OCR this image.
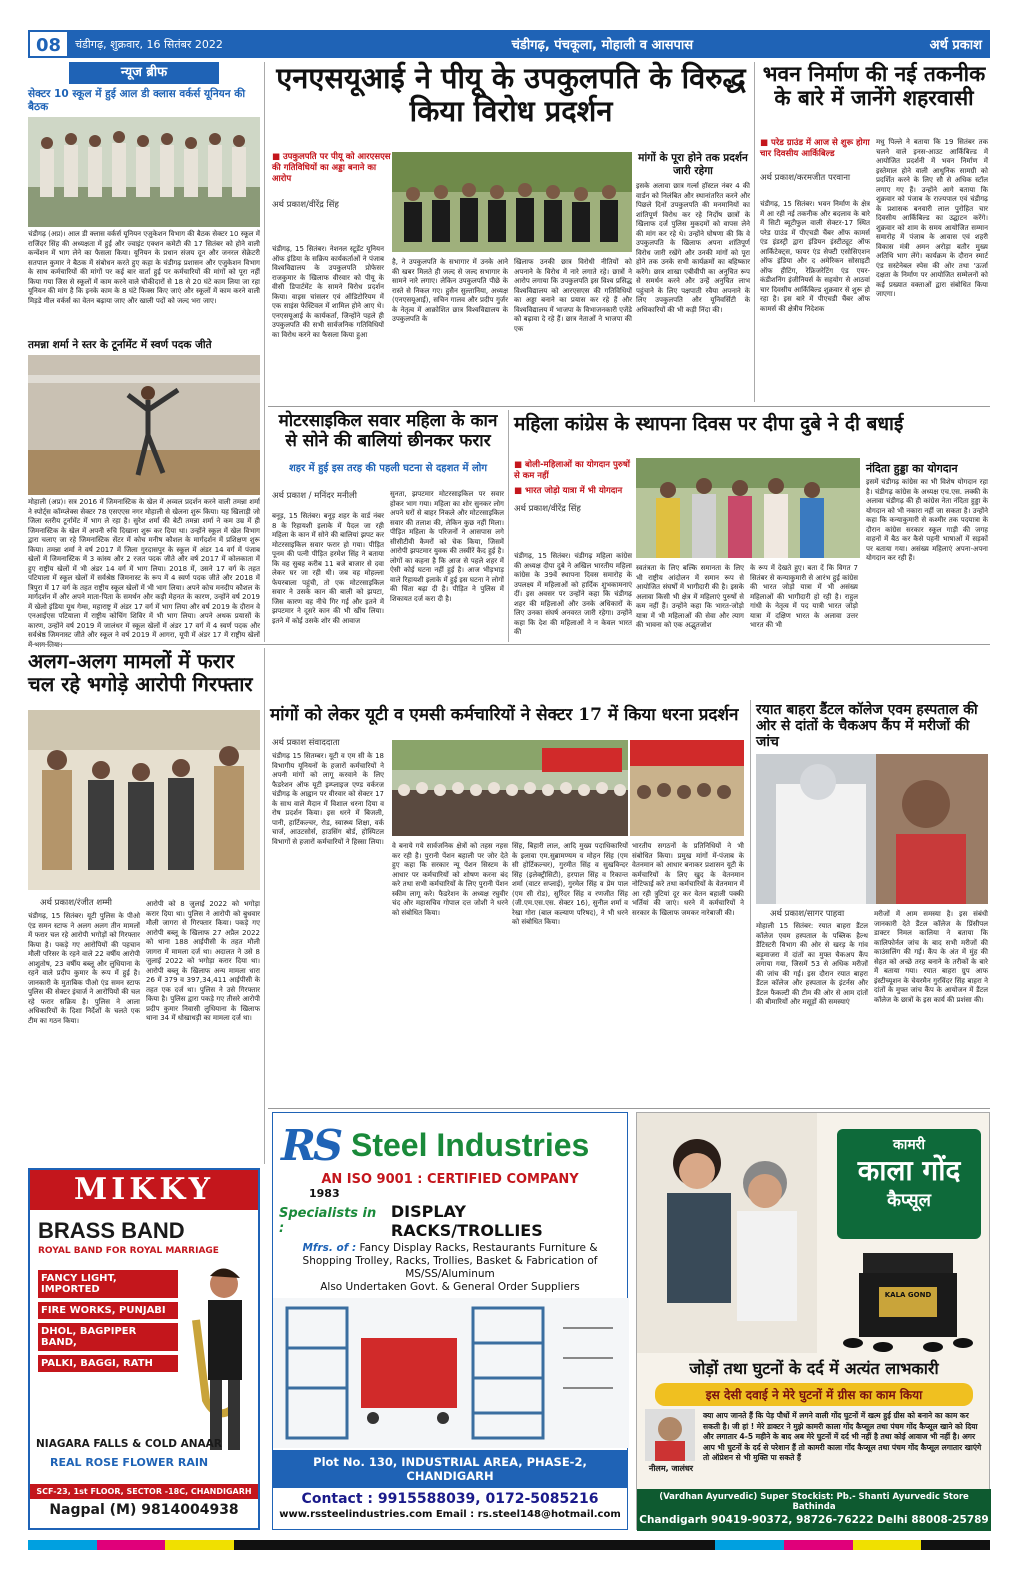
08	चंडीगढ़, शुक्रवार, 16 सितंबर 2022	चंडीगढ़, पंचकूला, मोहाली व आसपास	अर्थ प्रकाश
न्यूज ब्रीफ
सेक्टर 10 स्कूल में हुई आल डी क्लास वर्कर्स यूनियन की बैठक
चंडीगढ़ (अप्र)। आल डी क्लास वर्कर्स यूनियन एजुकेशन विभाग की बैठक सेक्टर 10 स्कूल में राजिंदर सिंह की अध्यक्षता में हुई और ज्वाइंट एक्शन कमेटी की 17 सितंबर को होने वाली कन्वेंशन में भाग लेने का फैसला किया। यूनियन के प्रधान संजय दून और जनरल सेक्रेटरी सतपाल कुमार ने बैठक में संबोधन करते हुए कहा के चंडीगढ़ प्रशासन और एजुकेशन विभाग के साथ कर्मचारियों की मांगों पर कई बार वार्ता हुई पर कर्मचारियों की मांगों को पूरा नहीं किया गया जिस से स्कूलों में काम करने वाले चौकीदारों से 18 से 20 घंटे काम लिया जा रहा यूनियन की मांग है कि इनके काम के 8 घंटे फिक्स किए जाएं और स्कूलों में काम करने वाली मिड़डे मील वर्कर्स का वेतन बढ़ाया जाए और खाली पदों को जल्द भरा जाए।
तमन्ना शर्मा ने स्तर के टूर्नामेंट में स्वर्ण पदक जीते
मोहाली (अप्र)। सत्र 2016 में जिमनास्टिक के खेल में अव्वल प्रदर्शन करने वाली तमन्ना शर्मा ने स्पोर्ट्स कॉम्प्लेक्स सेक्टर 78 एसएएस नगर मोहाली से खेलना शुरू किया। यह खिलाड़ी जो जिला स्तरीय टूर्नामेंट में भाग ले रहा है। सुरेश शर्मा की बेटी तमन्ना शर्मा ने कम उम्र में ही जिमनास्टिक के खेल में अपनी रुचि दिखाना शुरू कर दिया था। उन्होंने स्कूल में खेल विभाग द्वारा चलाए जा रहे जिमनास्टिक सेंटर में कोच मनीष कौशल के मार्गदर्शन में प्रशिक्षण शुरू किया। तमन्ना शर्मा ने वर्ष 2017 में जिला गुरदासपुर के स्कूल में अंडर 14 वर्ग में पंजाब खेलों में जिमनास्टिक में 3 कांस्य और 2 रजत पदक जीते और वर्ष 2017 में कोलकाता में हुए राष्ट्रीय खेलों में भी अंडर 14 वर्ग में भाग लिया। 2018 में, उसने 17 वर्ग के तहत पटियाला में स्कूल खेलों में सर्वश्रेष्ठ जिमनास्ट के रूप में 4 स्वर्ण पदक जीते और 2018 में त्रिपुरा में 17 वर्ग के तहत राष्ट्रीय स्कूल खेलों में भी भाग लिया। अपने कोच मनदीप कौशल के मार्गदर्शन में और अपने माता-पिता के समर्थन और कड़ी मेहनत के कारण, उन्होंने वर्ष 2019 में खेलो इंडिया यूथ गेम्स, महाराष्ट्र में अंडर 17 वर्ग में भाग लिया और वर्ष 2019 के दौरान वे एनआईएस पटियाला में राष्ट्रीय कोचिंग शिविर में भी भाग लिया। अपने अथक प्रयासों के कारण, उन्होंने वर्ष 2019 में जालंधर में स्कूल खेलों में अंडर 17 वर्ग में 4 स्वर्ण पदक और सर्वश्रेष्ठ जिमनास्ट जीते और स्कूल ने वर्ष 2019 में आगरा, यूपी में अंडर 17 में राष्ट्रीय खेलों में भाग लिया।
एनएसयूआई ने पीयू के उपकुलपति के विरुद्ध किया विरोध प्रदर्शन
■ उपकुलपति पर पीयू को आरएसएस की गतिविधियों का अड्डा बनाने का आरोप
अर्थ प्रकाश/वीरेंद्र सिंह
चंडीगढ़, 15 सितंबर। नेशनल स्टूडेंट यूनियन ऑफ इंडिया के सक्रिय कार्यकर्ताओं ने पंजाब विश्वविद्यालय के उपकुलपति प्रोफेसर राजकुमार के खिलाफ वीरवार को पीयू के वीसी डिपार्टमेंट के सामने विरोध प्रदर्शन किया। वाइस चांसलर एवं ऑडिटोरियम में एक साइंस फेस्टिवल में शामिल होने आए थे। एनएसयूआई के कार्यकर्ता, जिन्होंने पहले ही उपकुलपति की सभी सार्वजनिक गतिविधियों का विरोध करने का फैसला किया हुआ
है, ने उपकुलपति के सभागार में उनके आने की खबर मिलते ही जल्द से जल्द सभागार के सामने नारे लगाए। लेकिन उपकुलपति पीछे के रास्ते से निकल गए। हुसैन सुल्तानिया, अध्यक्ष (एनएसयूआई), सचिन गालव और प्रदीप गुर्जर के नेतृत्व में आक्रोशित छात्र विश्वविद्यालय के उपकुलपति के
खिलाफ उनकी छात्र विरोधी नीतियों को अपनाने के विरोध में नारे लगाते रहे। छात्रों ने आरोप लगाया कि उपकुलपति इस विश्व प्रसिद्ध विश्वविद्यालय को आरएसएस की गतिविधियों का अड्डा बनाने का प्रयास कर रहे हैं और विश्वविद्यालय में भाजपा के विभाजनकारी एजेंडे को बढ़ावा दे रहे हैं। छात्र नेताओं ने भाजपा की एक
मांगों के पूरा होने तक प्रदर्शन जारी रहेगा
इसके अलावा छात्र गर्ल्स हॉस्टल नंबर 4 की वार्डन को निलंबित और स्थानांतरित करने और पिछले दिनों उपकुलपति की मनमानियों का शांतिपूर्ण विरोध कर रहे निर्दोष छात्रों के खिलाफ दर्ज पुलिस मुकदमों को वापस लेने की मांग कर रहे थे। उन्होंने घोषणा की कि वे उपकुलपति के खिलाफ अपना शांतिपूर्ण विरोध जारी रखेंगे और उनकी मांगों को पूरा होने तक उनके सभी कार्यक्रमों का बहिष्कार करेंगे। छात्र शाखा एबीवीपी का अनुचित रूप से समर्थन करने और उन्हें अनुचित लाभ पहुंचाने के लिए पक्षपाती रवैया अपनाने के लिए उपकुलपति और यूनिवर्सिटी के अधिकारियों की भी कड़ी निंदा की।
भवन निर्माण की नई तकनीक के बारे में जानेंगे शहरवासी
■ परेड ग्राउंड में आज से शुरू होगा चार दिवसीय आर्किबिल्ड
अर्थ प्रकाश/करमजीत परवाना
चंडीगढ़, 15 सितंबर। भवन निर्माण के क्षेत्र में आ रही नई तकनीक और बदलाव के बारे में सिटी ब्यूटीफुल वाली सेक्टर-17 स्थित परेड ग्राउंड में पीएचडी चैंबर ऑफ कामर्स एंड इंडस्ट्री द्वारा इंडियन इंस्टीट्यूट ऑफ आर्किटेक्ट्स, फायर एंड सेफ्टी एसोसिएशन ऑफ इंडिया और द अमेरिकन सोसाइटी ऑफ हीटिंग, रेफ्रिजरेटिंग एंड एयर-कंडीशनिंग इंजीनियर्स के सहयोग से आठवां चार दिवसीय आर्किबिल्ड शुक्रवार से शुरू हो रहा है। इस बारे में पीएचडी चैंबर ऑफ कामर्स की क्षेत्रीय निदेशक
मधु पिल्ले ने बताया कि 19 सितंबर तक चलने वाले इनस-आउट आर्किबिल्ड में आयोजित प्रदर्शनी में भवन निर्माण में इस्तेमाल होने वाली आधुनिक सामग्री को प्रदर्शित करने के लिए सौ से अधिक स्टॉल लगाए गए हैं। उन्होंने आगे बताया कि शुक्रवार को पंजाब के राज्यपाल एवं चंडीगढ़ के प्रशासक बनवारी लाल पुरोहित चार दिवसीय आर्किबिल्ड का उद्घाटन करेंगे। शुक्रवार को शाम के समय आयोजित सम्मान समारोह में पंजाब के आवास एवं शहरी विकास मंत्री अमन अरोड़ा बतौर मुख्य अतिथि भाग लेंगे। कार्यक्रम के दौरान स्मार्ट एंड सस्टेनेबल स्पेस की ओर तथा 'ऊर्जा दक्षता के निर्माण पर आयोजित सम्मेलनों को कई प्रख्यात वक्ताओं द्वारा संबोधित किया जाएगा।
मोटरसाइकिल सवार महिला के कान से सोने की बालियां छीनकर फरार
शहर में हुई इस तरह की पहली घटना से दहशत में लोग
अर्थ प्रकाश / मनिंदर मनीली
बनूड़, 15 सितंबर। बनूड़ शहर के वार्ड नंबर 8 के रिहायशी इलाके में पैदल जा रही महिला के कान में सोने की बालियां झपट कर मोटरसाइकिल सवार फरार हो गया। पीड़ित पूनम की पत्नी पीड़ित हरमेश सिंह ने बताया कि वह सुबह करीब 11 बजे बाजार से दवा लेकर घर जा रही थी। जब वह मोहल्ला फेयरबाला पहुंची, तो एक मोटरसाइकिल सवार ने उसके कान की बाली को झपटा, जिस कारण वह नीचे गिर गई और इतने में झपटमार ने दूसरे कान की भी खींच लिया। इतने में कोई उसके शोर की आवाज
सुनता, झपटमार मोटरसाइकिल पर सवार होकर भाग गया। महिला का शोर सुनकर लोग अपने घरों से बाहर निकले और मोटरसाइकिल सवार की तलाश की, लेकिन कुछ नहीं मिला। पीड़ित महिला के परिजनों ने आसपास लगे सीसीटीवी कैमरों को चेक किया, जिसमें आरोपी झपटमार युवक की तस्वीरें कैद हुई है। लोगों का कहना है कि आज से पहले शहर में ऐसी कोई घटना नहीं हुई है। आज भीड़भाड़ वाले रिहायशी इलाके में हुई इस घटना ने लोगों की चिंता बढ़ा दी है। पीड़ित ने पुलिस में शिकायत दर्ज करा दी है।
महिला कांग्रेस के स्थापना दिवस पर दीपा दुबे ने दी बधाई
■ बोली-महिलाओं का योगदान पुरुषों से कम नहीं
■ भारत जोड़ो यात्रा में भी योगदान
अर्थ प्रकाश/वीरेंद्र सिंह
चंडीगढ़, 15 सितंबर। चंडीगढ़ महिला कांग्रेस की अध्यक्ष दीपा दुबे ने अखिल भारतीय महिला कांग्रेस के 39वें स्थापना दिवस समारोह के उपलक्ष्य में महिलाओं को हार्दिक शुभकामनाएं दीं। इस अवसर पर उन्होंने कहा कि चंडीगढ़ शहर की महिलाओं और उनके अधिकारों के लिए उनका संघर्ष अनवरत जारी रहेगा। उन्होंने कहा कि देश की महिलाओं ने न केवल भारत की
स्वतंत्रता के लिए बल्कि समानता के लिए भी राष्ट्रीय आंदोलन में समान रूप से आयोजित संघर्षों में भागीदारी की है। इसके अलावा किसी भी क्षेत्र में महिलाएं पुरुषों से कम नहीं हैं। उन्होंने कहा कि भारत-जोड़ो यात्रा में भी महिलाओं की सेवा और त्याग की भावना को एक अद्भुतजोश
के रूप में देखते हुए। बता दें कि विगत 7 सितंबर से कन्याकुमारी से आरंभ हुई कांग्रेस की भारत जोड़ो यात्रा में भी असंख्य महिलाओं की भागीदारी हो रही है। राहुल गांधी के नेतृत्व में पद यात्री भारत जोड़ो यात्रा में दक्षिण भारत के अलावा उत्तर भारत की भी
नंदिता हुड्डा का योगदान
इसमें चंडीगढ़ कांग्रेस का भी विशेष योगदान रहा है। चंडीगढ़ कांग्रेस के अध्यक्ष एच.एस. लक्की के अलावा चंडीगढ़ की ही कांग्रेस नेता नंदिता हुड्डा के योगदान को भी नकारा नहीं जा सकता है। उन्होंने कहा कि कन्याकुमारी से कश्मीर तक पदयात्रा के दौरान कांग्रेस सरकार स्कूल गाड़ी की जगह वाहनों में बैठ कर कैसे पहनी भाषाओं में सड़कों पर बताया गया। असंख्य महिलाएं अपना-अपना योगदान कर रही हैं।
अलग-अलग मामलों में फरार चल रहे भगोड़े आरोपी गिरफ्तार
अर्थ प्रकाश/रंजीत शम्मी
चंडीगढ़, 15 सितंबर। यूटी पुलिस के पीओ एंड समन स्टाफ ने अलग अलग तीन मामलों में फरार चल रहे आरोपी भगोड़ों को गिरफ्तार किया है। पकड़े गए आरोपियों की पहचान मौली परिसर के रहने वाले 22 वर्षीय आरोपी आशुतोष, 23 वर्षीय बब्लू और लुधियाना के रहने वाले प्रदीप कुमार के रूप में हुई है। जानकारी के मुताबिक पीओ एंड समन स्टाफ पुलिस की सेक्टर इंचार्ज ने आरोपियों की चल रहे फरार सक्रिय है। पुलिस ने आला अधिकारियों के दिशा निर्देशों के चलते एक टीम का गठन किया।
आरोपी को 8 जुलाई 2022 को भगोड़ा करार दिया था। पुलिस ने आरोपी को बुधवार मौली जागरा से गिरफ्तार किया। पकड़े गए आरोपी बब्लू के खिलाफ 27 अप्रैल 2022 को थाना 188 आईपीसी के तहत मौली जागरा में मामला दर्ज था। अदालत ने उसे 8 जुलाई 2022 को भगोड़ा करार दिया था। आरोपी बब्लू के खिलाफ अन्य मामला धारा 26 में 379 व 397,34,411 आईपीसी के तहत एक दर्ज था। पुलिस ने उसे गिरफ्तार किया है। पुलिस द्वारा पकड़े गए तीसरे आरोपी प्रदीप कुमार निवासी लुधियाना के खिलाफ थाना 34 में धोखाधड़ी का मामला दर्ज था।
मांगों को लेकर यूटी व एमसी कर्मचारियों ने सेक्टर 17 में किया धरना प्रदर्शन
अर्थ प्रकाश संवाददाता
चंडीगढ़ 15 सितम्बर। यूटी व एम सी के 18 विभागीय यूनियनों के हजारों कर्मचारियों ने अपनी मांगों को लागू करवाने के लिए फैडरेशन ऑफ यूटी इम्प्लाइज एण्ड वर्करज चंडीगढ़ के आह्वान पर वीरवार को सेक्टर 17 के साथ वाले मैदान में विशाल धरना दिया व रोष प्रदर्शन किया। इस धरने में बिजली, पानी, हार्टिकल्चर, रोड, स्वास्थ्य शिक्षा, वर्क चार्ज, आउटसोर्स, हाउसिंग बोर्ड, होस्पिटल विभागों से हजारों कर्मचारियों ने हिस्सा लिया।
वे बनाये गये सार्वजनिक क्षेत्रों को तहस नहस कर रही है। पुरानी पेंशन बहाली पर जोर देते हुए कहा कि सरकार न्यू पेंशन सिस्टम के आधार पर कर्मचारियों को शोषण करना बंद करे तथा सभी कर्मचारियों के लिए पुरानी पेंशन स्कीम लागू करे। फैडरेशन के अध्यक्ष रघुवीर चंद और महासचिव गोपाल दत्त जोशी ने धरने को संबोधित किया।
सिंह, बिहारी लाल, आदि मुख्य पदाधिकारियों के इलावा एम.सुब्रामण्यम व मोहन सिंह (एम सी होर्टिकल्चर), गुरमीत सिंह व सुखविन्दर सिंह (इलेक्ट्रीसिटी), हरपाल सिंह व रिकान्त शर्मा (वाटर सप्लाई), गुरमेल सिंह व प्रेम पाल (एम सी रोड), सुरिंदर सिंह व रणजीत सिंह (जी.एम.एस.एस. सेक्टर 16), सुनील शर्मा व रेखा गोरा (बाल कल्याण परिषद), ने भी धरने को संबोधित किया।
भारतीय सगठनों के प्रतिनिधियों ने भी संबोधित किया। प्रमुख मांगों में-पंजाब के वेतनमान को आधार बनाकर प्रशासन यूटी के कर्मचारियों के लिए खुद के वेतनमान नोटिफाई करे तथा कर्मचारियों के वेतनमान में आ रही त्रुटियां दूर कर वेतन बहाली पक्की भर्तियां की जाएं। धरने में कर्मचारियों ने सरकार के खिलाफ जमकर नारेबाजी की।
रयात बाहरा डैंटल कॉलेज एवम हस्पताल की ओर से दांतों के चैकअप कैंप में मरीजों की जांच
अर्थ प्रकाश/सागर पाहवा
मोहाली 15 सितंबर: रयात बाहरा डैंटल कॉलेज एवम हस्पताल के पब्लिक हैल्थ डैंटिस्टरी विभाग की ओर से खरड़ के गांव बड़ूमाजरा में दांतों का मुफ्त चैकअप कैंप लगाया गया, जिसमें 53 से अधिक मरीजों की जांच की गई। इस दौरान रयात बाहरा डैंटल कॉलेज और हस्पताल के इंटर्नस और डैंटल फैकल्टी की टीम की ओर से आम दांतों की बीमारियों और मसूड़ों की समस्याएं
मरीजों में आम समस्या है। इस संबंधी जानकारी देते डैंटल कॉलेज के प्रिंसीपल डाक्टर निमल कालिया ने बताया कि कालिफोर्नल जांच के बाद सभी मरीजों की काउंसलिंग की गई। कैंप के अंत में मुंह की सेहत को अच्छे तरह बनाने के तरीकों के बारे में बताया गया। रयात बाहरा ग्रुप आफ इंस्टीच्यूशन के चेयरमैन गुरविंदर सिंह बाहरा ने दांतों के मुफ्त जांच कैंप के आयोजन में डैंटल कॉलेज के छात्रों के इस कार्य की प्रशंसा की।
RS Steel Industries
AN ISO 9001 : CERTIFIED COMPANY
1983
Specialists in :
DISPLAY RACKS/TROLLIES
Mfrs. of : Fancy Display Racks, Restaurants Furniture & Shopping Trolley, Racks, Trollies, Basket & Fabrication of MS/SS/Aluminum
Also Undertaken Govt. & General Order Suppliers
Plot No. 130, INDUSTRIAL AREA, PHASE-2, CHANDIGARH
Contact : 9915588039, 0172-5085216
www.rssteelindustries.com Email : rs.steel148@hotmail.com
कामरी
काला गोंद
कैप्सूल
KALA GOND
जोड़ों तथा घुटनों के दर्द में अत्यंत लाभकारी
इस देसी दवाई ने मेरे घुटनों में ग्रीस का काम किया
नीलम, जालंधर
क्या आप जानते हैं कि पेड़ पौधों में लगने वाली गोंद घुटनों में खत्म हुई ग्रीस को बनाने का काम कर सकती है। जी हां ! मेरे डाक्टर ने मुझे कामरी काला गोंद कैप्सूल तथा पंचम गोंद कैप्सूल खाने को दिया और लगातार 4-5 महीने के बाद अब मेरे घुटनों में दर्द भी नहीं है तथा कोई आवाज भी नहीं है। अगर आप भी घुटनों के दर्द से परेशान हैं तो कामरी काला गोंद कैप्सूल तथा पंचम गोंद कैप्सूल लगातार खाएंगे तो ऑप्रेशन से भी मुक्ति पा सकते हैं
(Vardhan Ayurvedic) Super Stockist: Pb.- Shanti Ayurvedic Store Bathinda
Chandigarh 90419-90372, 98726-76222 Delhi 88008-25789
MIKKY
BRASS BAND
ROYAL BAND FOR ROYAL MARRIAGE
FANCY LIGHT, IMPORTED
FIRE WORKS, PUNJABI
DHOL, BAGPIPER BAND,
PALKI, BAGGI, RATH
NIAGARA FALLS & COLD ANAAR
REAL ROSE FLOWER RAIN
SCF-23, 1st FLOOR, SECTOR -18C, CHANDIGARH
Nagpal (M) 9814004938
